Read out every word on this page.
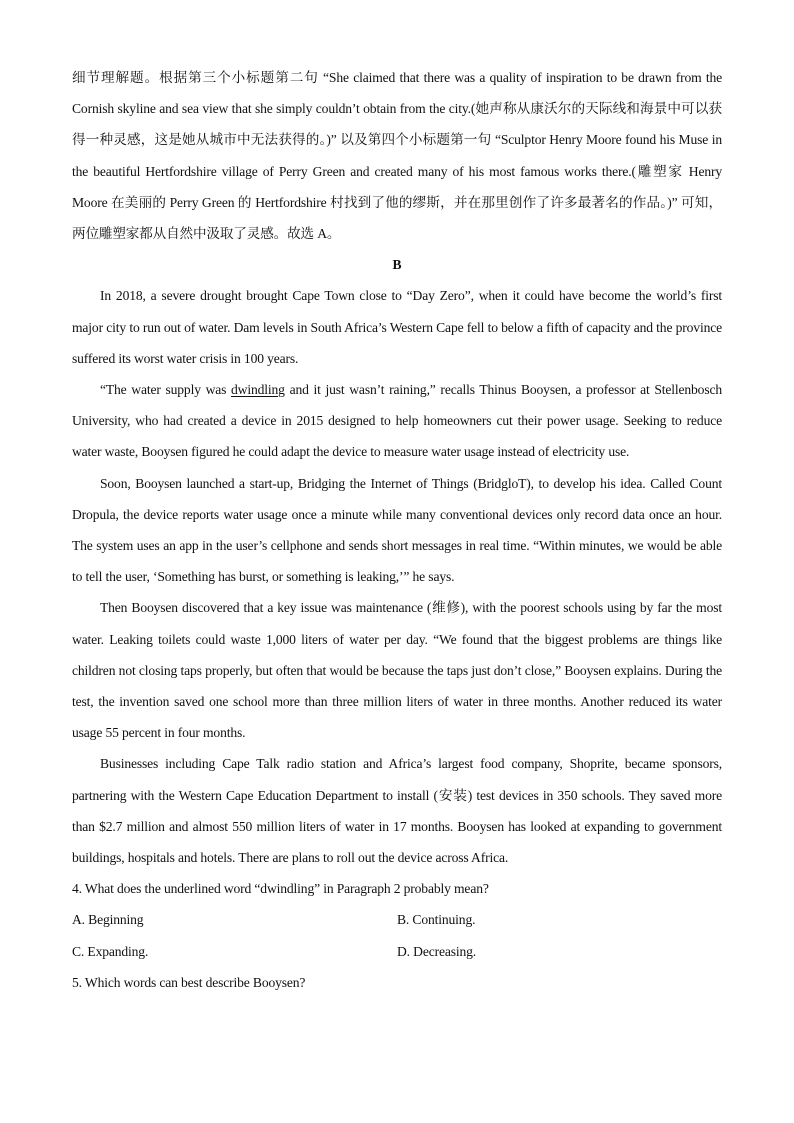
细节理解题。根据第三个小标题第二句 “She claimed that there was a quality of inspiration to be drawn from the Cornish skyline and sea view that she simply couldn’t obtain from the city.(她声称从康沃尔的天际线和海景中可以获得一种灵感，这是她从城市中无法获得的。)” 以及第四个小标题第一句 “Sculptor Henry Moore found his Muse in the beautiful Hertfordshire village of Perry Green and created many of his most famous works there.(雕塑家 Henry Moore 在美丽的 Perry Green 的 Hertfordshire 村找到了他的缪斯，并在那里创作了许多最著名的作品。)” 可知，两位雕塑家都从自然中汲取了灵感。故选 A。

B

In 2018, a severe drought brought Cape Town close to “Day Zero”, when it could have become the world’s first major city to run out of water. Dam levels in South Africa’s Western Cape fell to below a fifth of capacity and the province suffered its worst water crisis in 100 years.

“The water supply was dwindling and it just wasn’t raining,” recalls Thinus Booysen, a professor at Stellenbosch University, who had created a device in 2015 designed to help homeowners cut their power usage. Seeking to reduce water waste, Booysen figured he could adapt the device to measure water usage instead of electricity use.

Soon, Booysen launched a start-up, Bridging the Internet of Things (BridgloT), to develop his idea. Called Count Dropula, the device reports water usage once a minute while many conventional devices only record data once an hour. The system uses an app in the user’s cellphone and sends short messages in real time. “Within minutes, we would be able to tell the user, ‘Something has burst, or something is leaking,’” he says.

Then Booysen discovered that a key issue was maintenance (维修), with the poorest schools using by far the most water. Leaking toilets could waste 1,000 liters of water per day. “We found that the biggest problems are things like children not closing taps properly, but often that would be because the taps just don’t close,” Booysen explains. During the test, the invention saved one school more than three million liters of water in three months. Another reduced its water usage 55 percent in four months.

Businesses including Cape Talk radio station and Africa’s largest food company, Shoprite, became sponsors, partnering with the Western Cape Education Department to install (安装) test devices in 350 schools. They saved more than $2.7 million and almost 550 million liters of water in 17 months. Booysen has looked at expanding to government buildings, hospitals and hotels. There are plans to roll out the device across Africa.

4. What does the underlined word “dwindling” in Paragraph 2 probably mean?

A. Beginning	B. Continuing.
C. Expanding.	D. Decreasing.

5. Which words can best describe Booysen?
